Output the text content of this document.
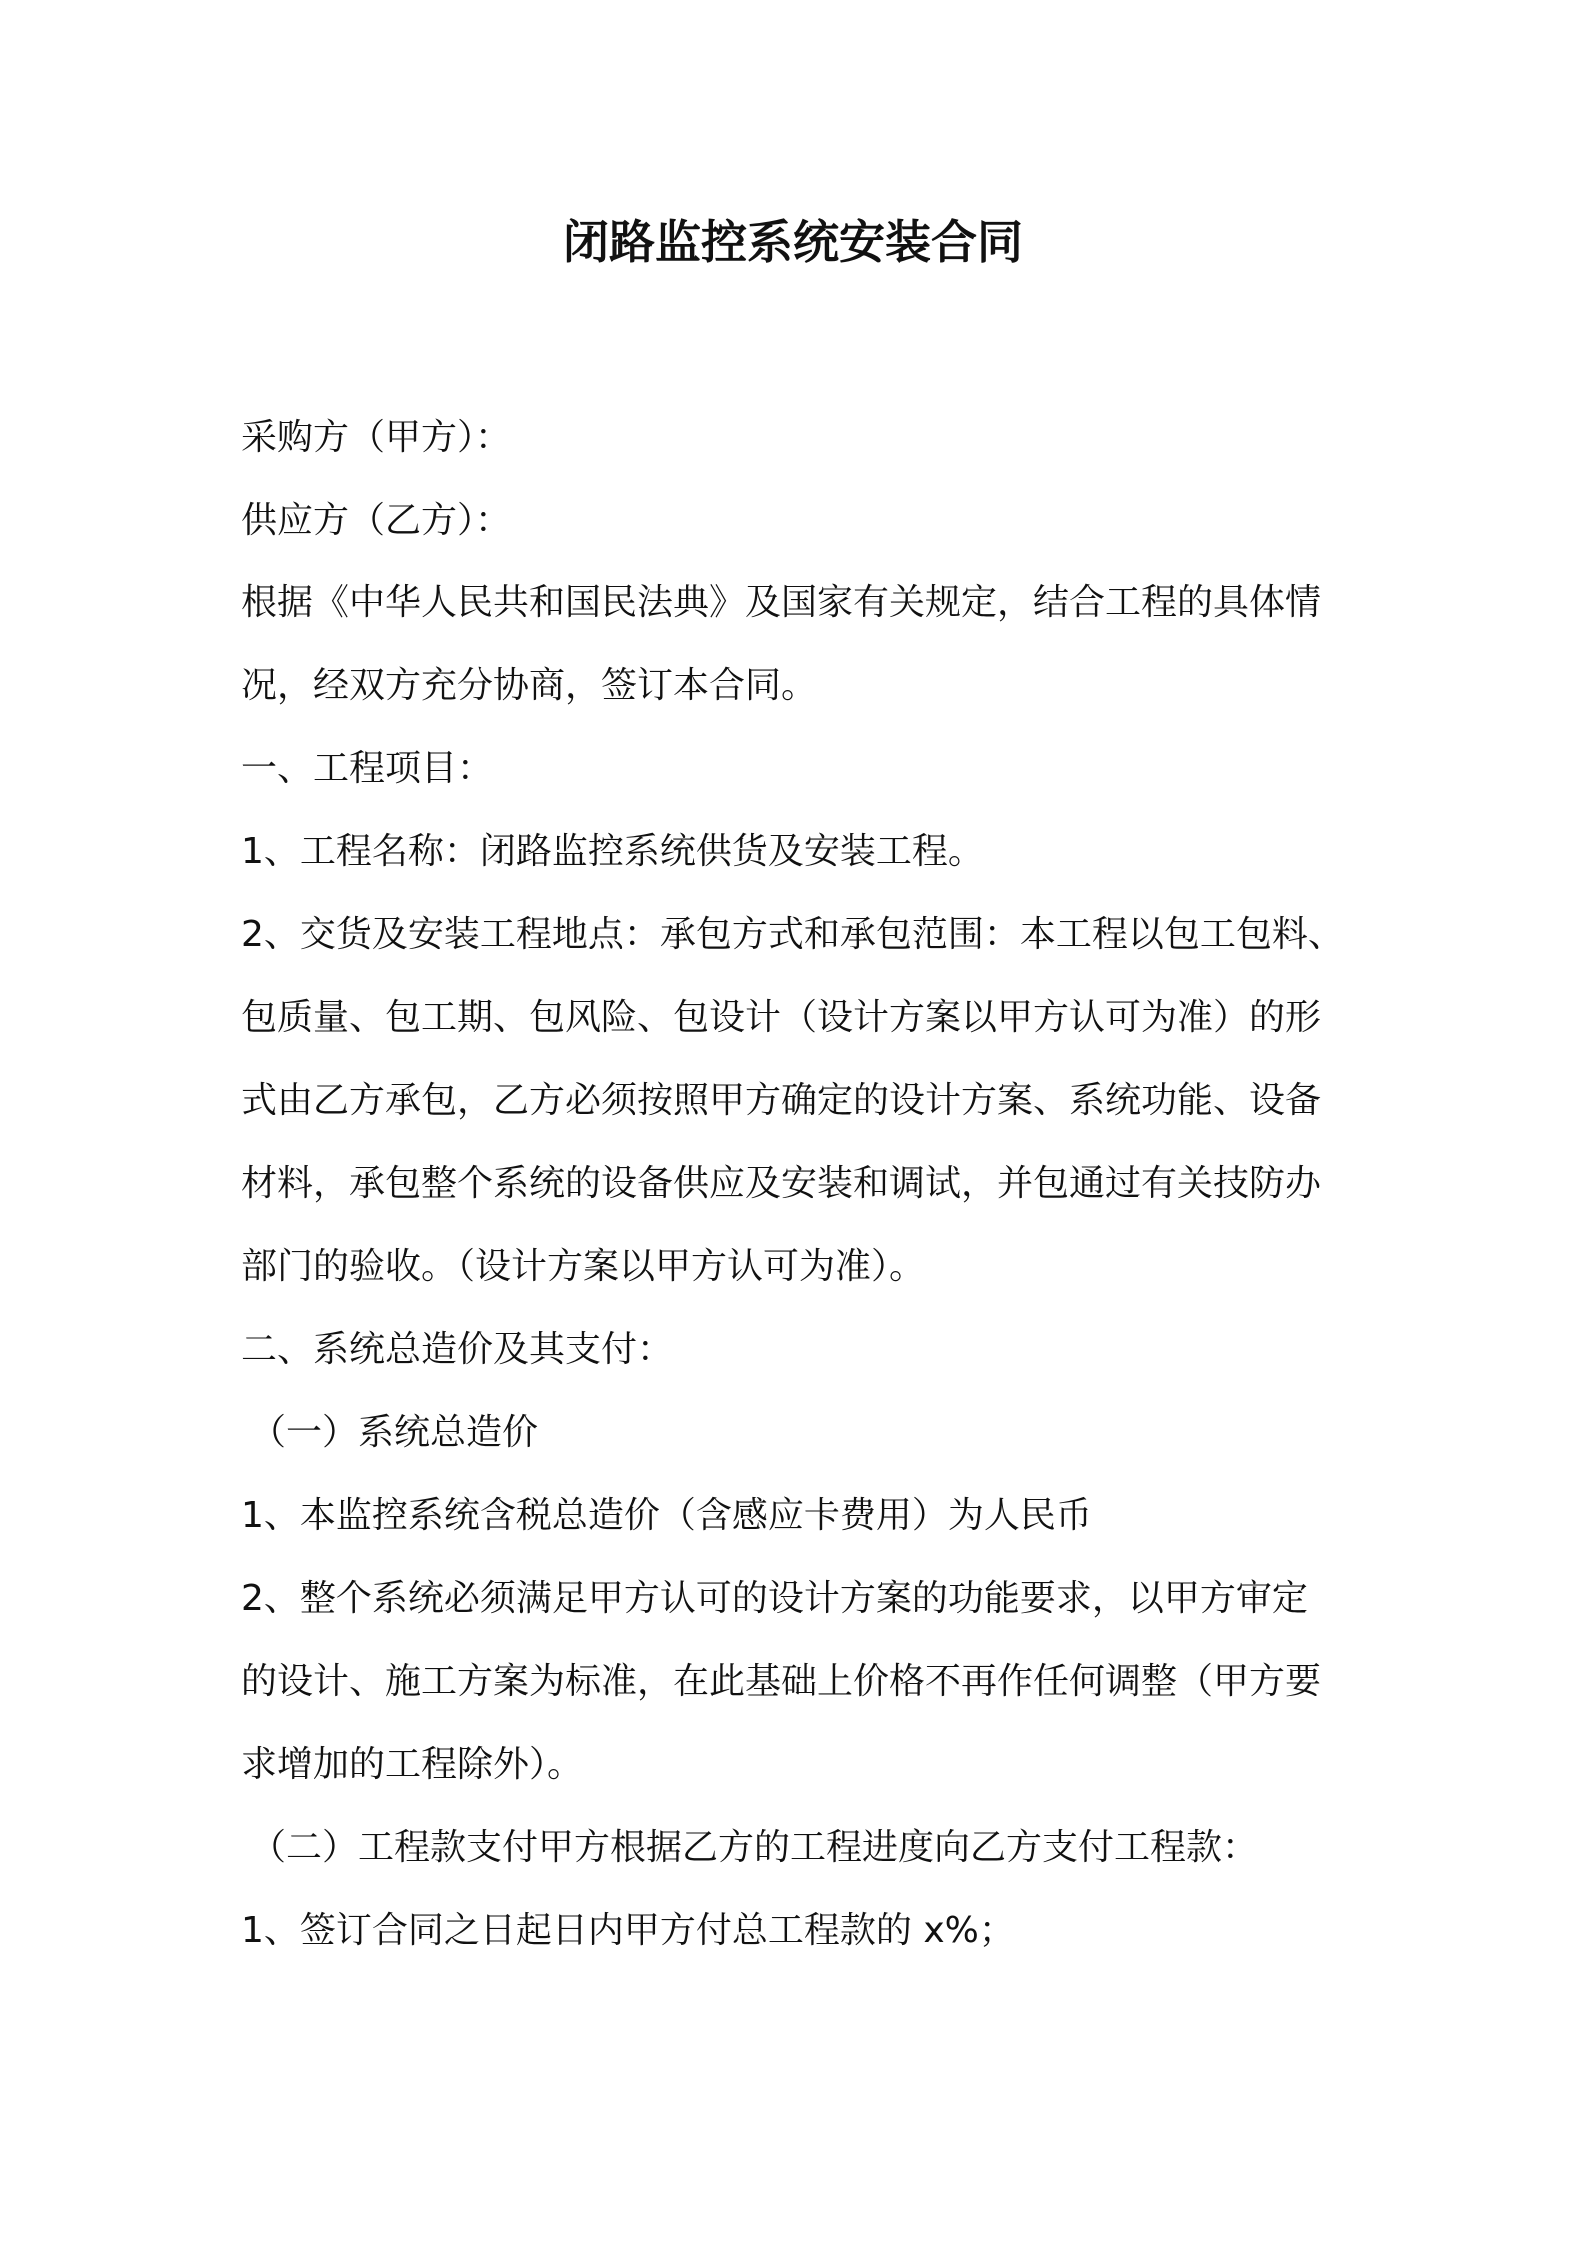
闭路监控系统安装合同
采购方（甲方）：
供应方（乙方）：
根据《中华人民共和国民法典》及国家有关规定，结合工程的具体情
况，经双方充分协商，签订本合同。
一、工程项目：
1、工程名称：闭路监控系统供货及安装工程。
2、交货及安装工程地点：承包方式和承包范围：本工程以包工包料、
包质量、包工期、包风险、包设计（设计方案以甲方认可为准）的形
式由乙方承包，乙方必须按照甲方确定的设计方案、系统功能、设备
材料，承包整个系统的设备供应及安装和调试，并包通过有关技防办
部门的验收。（设计方案以甲方认可为准）。
二、系统总造价及其支付：
（一）系统总造价
1、本监控系统含税总造价（含感应卡费用）为人民币
2、整个系统必须满足甲方认可的设计方案的功能要求，以甲方审定
的设计、施工方案为标准，在此基础上价格不再作任何调整（甲方要
求增加的工程除外）。
（二）工程款支付甲方根据乙方的工程进度向乙方支付工程款：
1、签订合同之日起日内甲方付总工程款的 x%；
